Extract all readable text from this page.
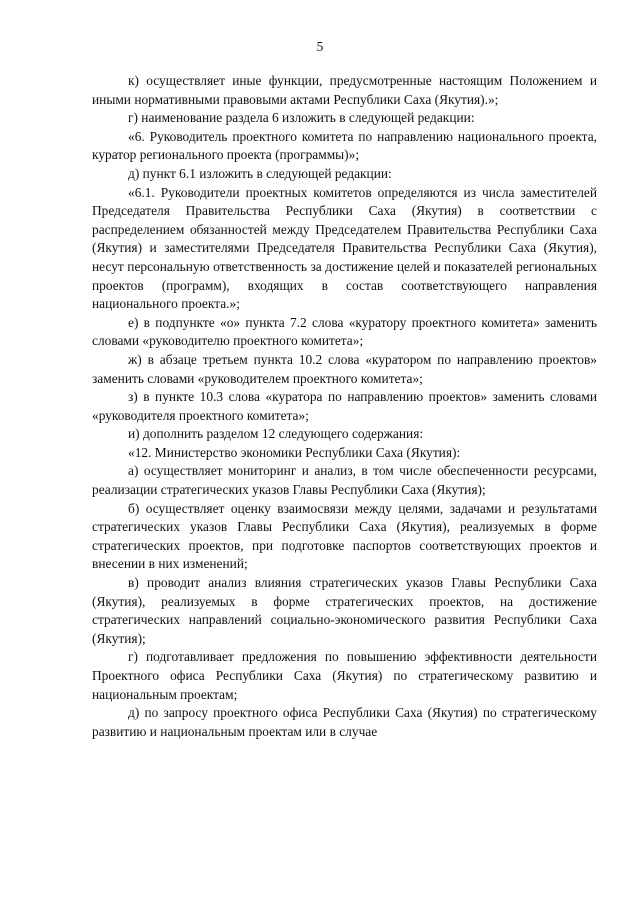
5

к) осуществляет иные функции, предусмотренные настоящим Положением и иными нормативными правовыми актами Республики Саха (Якутия).»;

г) наименование раздела 6 изложить в следующей редакции:

«6. Руководитель проектного комитета по направлению национального проекта, куратор регионального проекта (программы)»;

д) пункт 6.1 изложить в следующей редакции:

«6.1. Руководители проектных комитетов определяются из числа заместителей Председателя Правительства Республики Саха (Якутия) в соответствии с распределением обязанностей между Председателем Правительства Республики Саха (Якутия) и заместителями Председателя Правительства Республики Саха (Якутия), несут персональную ответственность за достижение целей и показателей региональных проектов (программ), входящих в состав соответствующего направления национального проекта.»;

е) в подпункте «о» пункта 7.2 слова «куратору проектного комитета» заменить словами «руководителю проектного комитета»;

ж) в абзаце третьем пункта 10.2 слова «куратором по направлению проектов» заменить словами «руководителем проектного комитета»;

з) в пункте 10.3 слова «куратора по направлению проектов» заменить словами «руководителя проектного комитета»;

и) дополнить разделом 12 следующего содержания:

«12. Министерство экономики Республики Саха (Якутия):

а) осуществляет мониторинг и анализ, в том числе обеспеченности ресурсами, реализации стратегических указов Главы Республики Саха (Якутия);

б) осуществляет оценку взаимосвязи между целями, задачами и результатами стратегических указов Главы Республики Саха (Якутия), реализуемых в форме стратегических проектов, при подготовке паспортов соответствующих проектов и внесении в них изменений;

в) проводит анализ влияния стратегических указов Главы Республики Саха (Якутия), реализуемых в форме стратегических проектов, на достижение стратегических направлений социально-экономического развития Республики Саха (Якутия);

г) подготавливает предложения по повышению эффективности деятельности Проектного офиса Республики Саха (Якутия) по стратегическому развитию и национальным проектам;

д) по запросу проектного офиса Республики Саха (Якутия) по стратегическому развитию и национальным проектам или в случае
